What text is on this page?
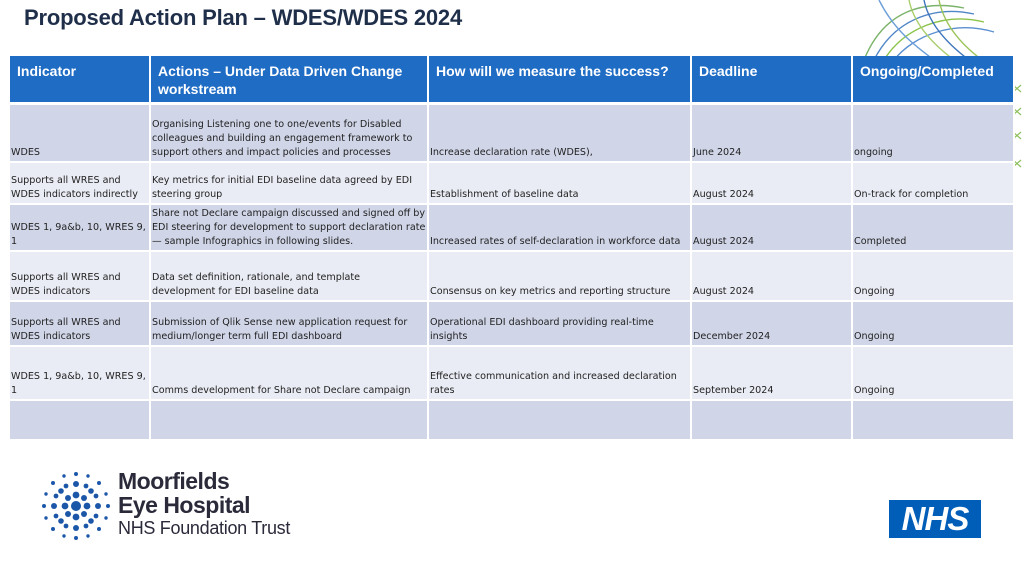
Proposed Action Plan – WDES/WDES 2024
Indicator	Actions – Under Data Driven Change workstream	How will we measure the success?	Deadline	Ongoing/Completed
WDES	Organising Listening one to one/events for Disabled colleagues and building an engagement framework to support others and impact policies and processes	Increase declaration rate (WDES),	June 2024	ongoing
Supports all WRES and WDES indicators indirectly	Key metrics for initial EDI baseline data agreed by EDI steering group	Establishment of baseline data	August 2024	On-track for completion
WDES 1, 9a&b, 10, WRES 9, 1	Share not Declare campaign discussed and signed off by EDI steering for development to support declaration rate— sample Infographics in following slides.	Increased rates of self-declaration in workforce data	August 2024	Completed
Supports all WRES and WDES indicators	Data set definition, rationale, and template development for EDI baseline data	Consensus on key metrics and reporting structure	August 2024	Ongoing
Supports all WRES and WDES indicators	Submission of Qlik Sense new application request for medium/longer term full EDI dashboard	Operational EDI dashboard providing real-time insights	December 2024	Ongoing
WDES 1, 9a&b, 10, WRES 9, 1	Comms development for Share not Declare campaign	Effective communication and increased declaration rates	September 2024	Ongoing

Moorfields
Eye Hospital
NHS Foundation Trust	NHS
